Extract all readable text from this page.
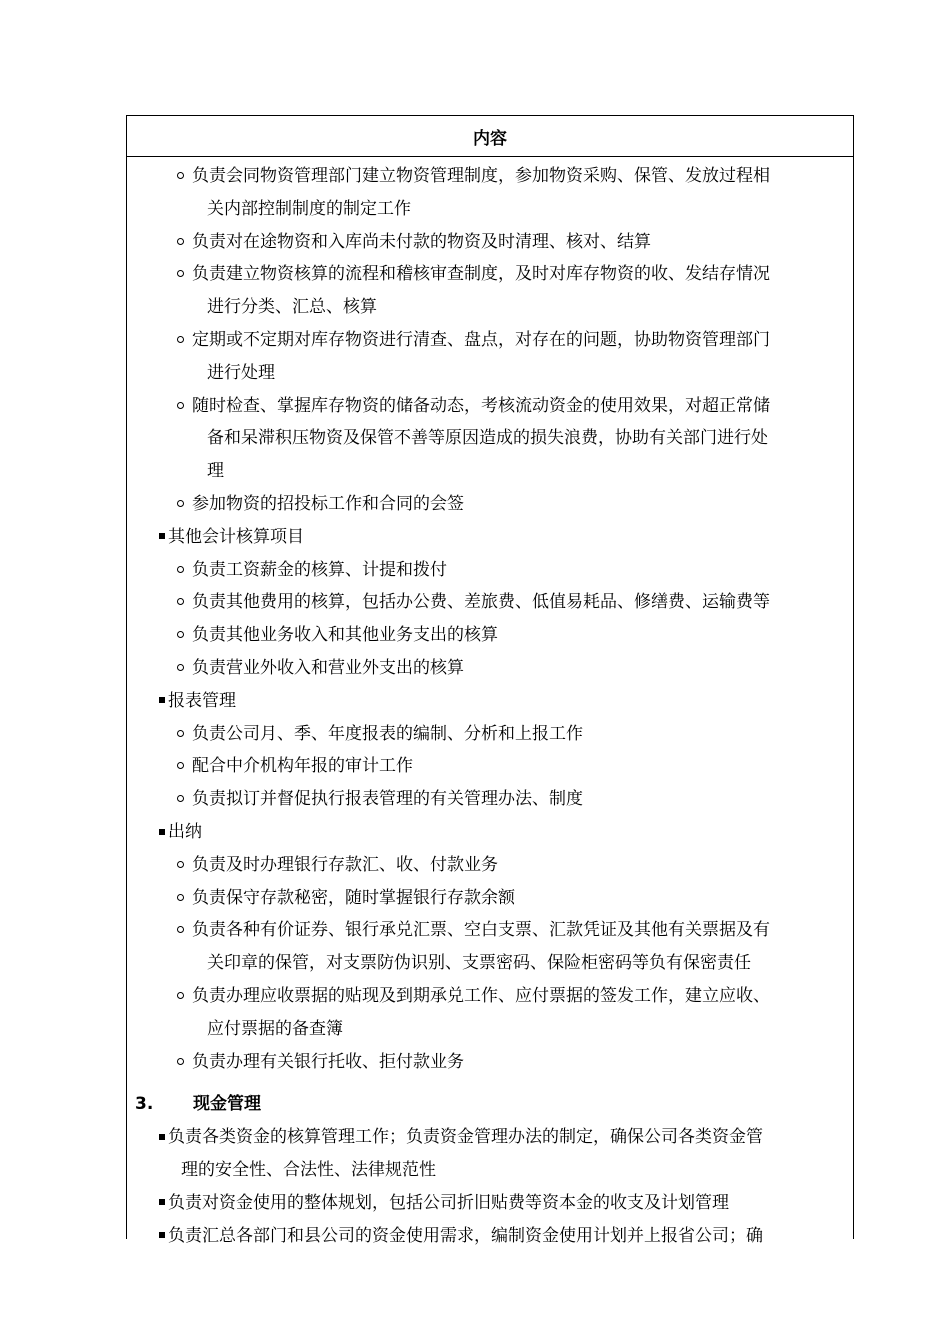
内容
负责会同物资管理部门建立物资管理制度，参加物资采购、保管、发放过程相
关内部控制制度的制定工作
负责对在途物资和入库尚未付款的物资及时清理、核对、结算
负责建立物资核算的流程和稽核审查制度，及时对库存物资的收、发结存情况
进行分类、汇总、核算
定期或不定期对库存物资进行清查、盘点，对存在的问题，协助物资管理部门
进行处理
随时检查、掌握库存物资的储备动态，考核流动资金的使用效果，对超正常储
备和呆滞积压物资及保管不善等原因造成的损失浪费，协助有关部门进行处
理
参加物资的招投标工作和合同的会签
其他会计核算项目
负责工资薪金的核算、计提和拨付
负责其他费用的核算，包括办公费、差旅费、低值易耗品、修缮费、运输费等
负责其他业务收入和其他业务支出的核算
负责营业外收入和营业外支出的核算
报表管理
负责公司月、季、年度报表的编制、分析和上报工作
配合中介机构年报的审计工作
负责拟订并督促执行报表管理的有关管理办法、制度
出纳
负责及时办理银行存款汇、收、付款业务
负责保守存款秘密，随时掌握银行存款余额
负责各种有价证券、银行承兑汇票、空白支票、汇款凭证及其他有关票据及有
关印章的保管，对支票防伪识别、支票密码、保险柜密码等负有保密责任
负责办理应收票据的贴现及到期承兑工作、应付票据的签发工作，建立应收、
应付票据的备查簿
负责办理有关银行托收、拒付款业务
3. 现金管理
负责各类资金的核算管理工作；负责资金管理办法的制定，确保公司各类资金管
理的安全性、合法性、法律规范性
负责对资金使用的整体规划，包括公司折旧贴费等资本金的收支及计划管理
负责汇总各部门和县公司的资金使用需求，编制资金使用计划并上报省公司；确
